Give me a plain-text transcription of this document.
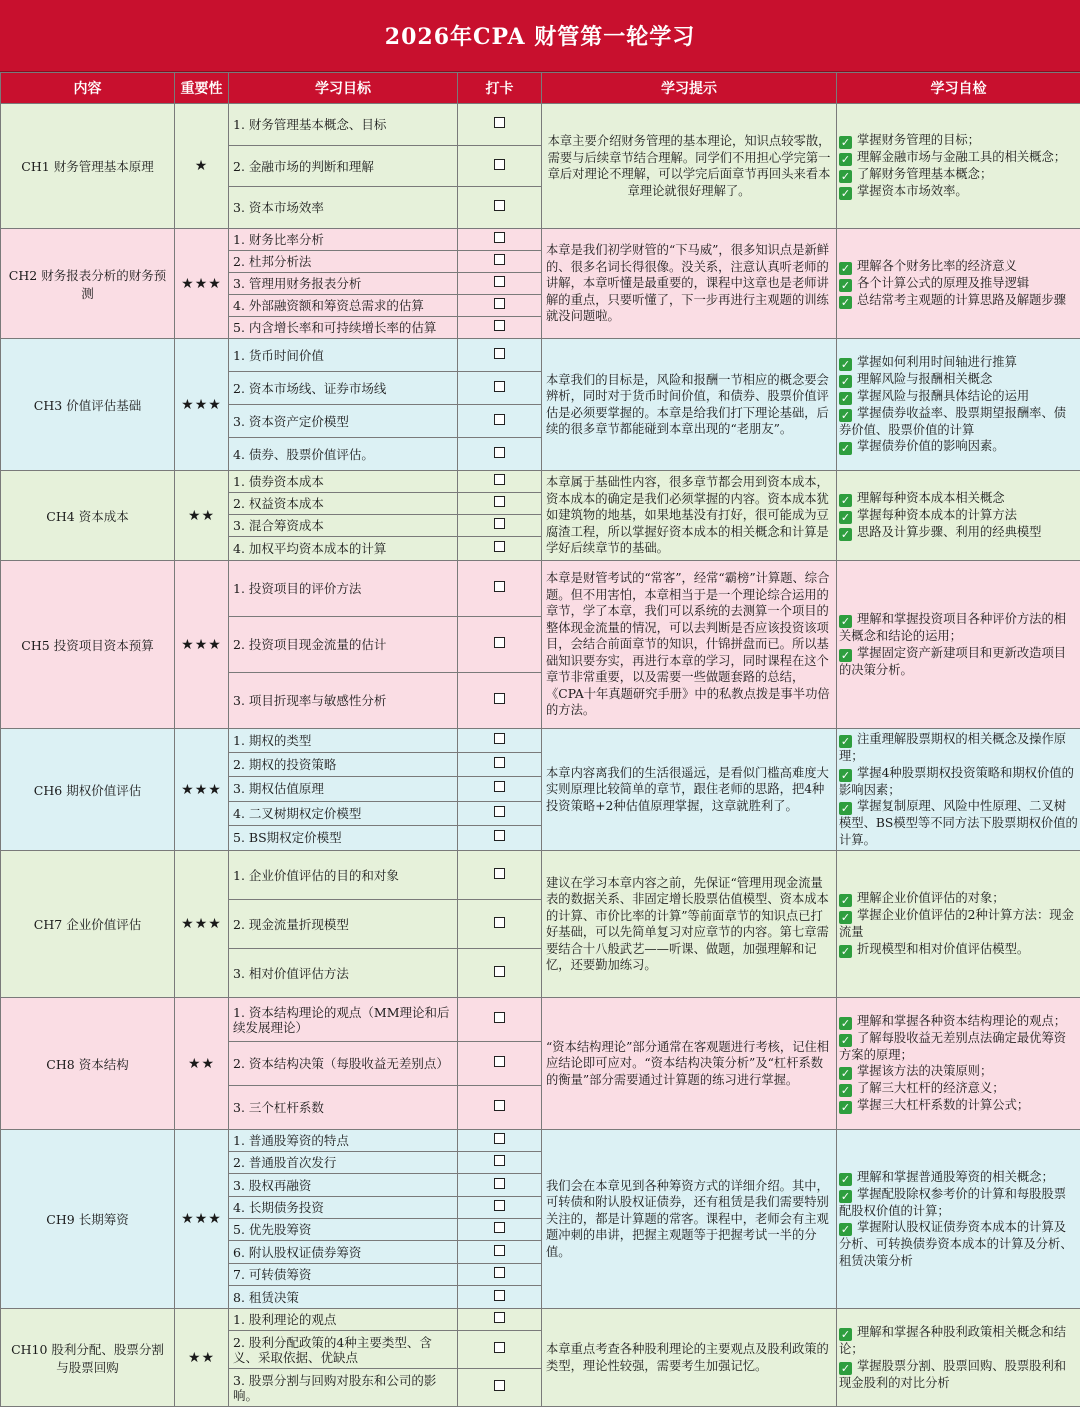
2026年CPA 财管第一轮学习
内容	重要性	学习目标	打卡	学习提示	学习自检
CH1 财务管理基本原理	★	1. 财务管理基本概念、目标		本章主要介绍财务管理的基本理论，知识点较零散，需要与后续章节结合理解。同学们不用担心学完第一章后对理论不理解，可以学完后面章节再回头来看本章理论就很好理解了。	✓ 掌握财务管理的目标；
✓ 理解金融市场与金融工具的相关概念；
✓ 了解财务管理基本概念；
✓ 掌握资本市场效率。

		2. 金融市场的判断和理解			
		3. 资本市场效率			
CH2 财务报表分析的财务预测	★★★	1. 财务比率分析		本章是我们初学财管的“下马威”，很多知识点是新鲜的、很多名词长得很像。没关系，注意认真听老师的讲解，本章听懂是最重要的，课程中这章也是老师讲解的重点，只要听懂了，下一步再进行主观题的训练就没问题啦。	✓ 理解各个财务比率的经济意义
✓ 各个计算公式的原理及推导逻辑
✓ 总结常考主观题的计算思路及解题步骤

		2. 杜邦分析法			
		3. 管理用财务报表分析			
		4. 外部融资额和筹资总需求的估算			
		5. 内含增长率和可持续增长率的估算			
CH3 价值评估基础	★★★	1. 货币时间价值		本章我们的目标是，风险和报酬一节相应的概念要会辨析，同时对于货币时间价值，和债券、股票价值评估是必须要掌握的。本章是给我们打下理论基础，后续的很多章节都能碰到本章出现的“老朋友”。	✓ 掌握如何利用时间轴进行推算
✓ 理解风险与报酬相关概念
✓ 掌握风险与报酬具体结论的运用
✓ 掌握债券收益率、股票期望报酬率、债券价值、股票价值的计算
✓ 掌握债券价值的影响因素。

		2. 资本市场线、证券市场线			
		3. 资本资产定价模型			
		4. 债券、股票价值评估。			
CH4 资本成本	★★	1. 债券资本成本		本章属于基础性内容，很多章节都会用到资本成本，资本成本的确定是我们必须掌握的内容。资本成本犹如建筑物的地基，如果地基没有打好，很可能成为豆腐渣工程，所以掌握好资本成本的相关概念和计算是学好后续章节的基础。	✓ 理解每种资本成本相关概念
✓ 掌握每种资本成本的计算方法
✓ 思路及计算步骤、利用的经典模型

		2. 权益资本成本			
		3. 混合筹资成本			
		4. 加权平均资本成本的计算			
CH5 投资项目资本预算	★★★	1. 投资项目的评价方法		本章是财管考试的“常客”，经常“霸榜”计算题、综合题。但不用害怕，本章相当于是一个理论综合运用的章节，学了本章，我们可以系统的去测算一个项目的整体现金流量的情况，可以去判断是否应该投资该项目，会结合前面章节的知识，什锦拼盘而已。所以基础知识要夯实，再进行本章的学习，同时课程在这个章节非常重要，以及需要一些做题套路的总结，《CPA十年真题研究手册》中的私教点拨是事半功倍的方法。	✓ 理解和掌握投资项目各种评价方法的相关概念和结论的运用；
✓ 掌握固定资产新建项目和更新改造项目的决策分析。

		2. 投资项目现金流量的估计			
		3. 项目折现率与敏感性分析			
CH6 期权价值评估	★★★	1. 期权的类型		本章内容离我们的生活很遥远，是看似门槛高难度大实则原理比较简单的章节，跟住老师的思路，把4种投资策略+2种估值原理掌握，这章就胜利了。	✓ 注重理解股票期权的相关概念及操作原理；
✓ 掌握4种股票期权投资策略和期权价值的影响因素；
✓ 掌握复制原理、风险中性原理、二叉树模型、BS模型等不同方法下股票期权价值的计算。

		2. 期权的投资策略			
		3. 期权估值原理			
		4. 二叉树期权定价模型			
		5. BS期权定价模型			
CH7 企业价值评估	★★★	1. 企业价值评估的目的和对象		建议在学习本章内容之前，先保证“管理用现金流量表的数据关系、非固定增长股票估值模型、资本成本的计算、市价比率的计算”等前面章节的知识点已打好基础，可以先简单复习对应章节的内容。第七章需要结合十八般武艺——听课、做题，加强理解和记忆，还要勤加练习。	✓ 理解企业价值评估的对象；
✓ 掌握企业价值评估的2种计算方法：现金流量
✓ 折现模型和相对价值评估模型。

		2. 现金流量折现模型			
		3. 相对价值评估方法			
CH8 资本结构	★★	1. 资本结构理论的观点（MM理论和后续发展理论）		“资本结构理论”部分通常在客观题进行考核，记住相应结论即可应对。“资本结构决策分析”及“杠杆系数的衡量”部分需要通过计算题的练习进行掌握。	✓ 理解和掌握各种资本结构理论的观点；
✓ 了解每股收益无差别点法确定最优筹资方案的原理；
✓ 掌握该方法的决策原则；
✓ 了解三大杠杆的经济意义；
✓ 掌握三大杠杆系数的计算公式；

		2. 资本结构决策（每股收益无差别点）			
		3. 三个杠杆系数			
CH9 长期筹资	★★★	1. 普通股筹资的特点		我们会在本章见到各种筹资方式的详细介绍。其中，可转债和附认股权证债券，还有租赁是我们需要特别关注的，都是计算题的常客。课程中，老师会有主观题冲刺的串讲，把握主观题等于把握考试一半的分值。	✓ 理解和掌握普通股筹资的相关概念；
✓ 掌握配股除权参考价的计算和每股股票配股权价值的计算；
✓ 掌握附认股权证债券资本成本的计算及分析、可转换债券资本成本的计算及分析、租赁决策分析

		2. 普通股首次发行			
		3. 股权再融资			
		4. 长期债务投资			
		5. 优先股筹资			
		6. 附认股权证债券筹资			
		7. 可转债筹资			
		8. 租赁决策			
CH10 股利分配、股票分割与股票回购	★★	1. 股利理论的观点		本章重点考查各种股利理论的主要观点及股利政策的类型，理论性较强，需要考生加强记忆。	✓ 理解和掌握各种股利政策相关概念和结论；
✓ 掌握股票分割、股票回购、股票股利和现金股利的对比分析

		2. 股利分配政策的4种主要类型、含义、采取依据、优缺点			
		3. 股票分割与回购对股东和公司的影响。			
